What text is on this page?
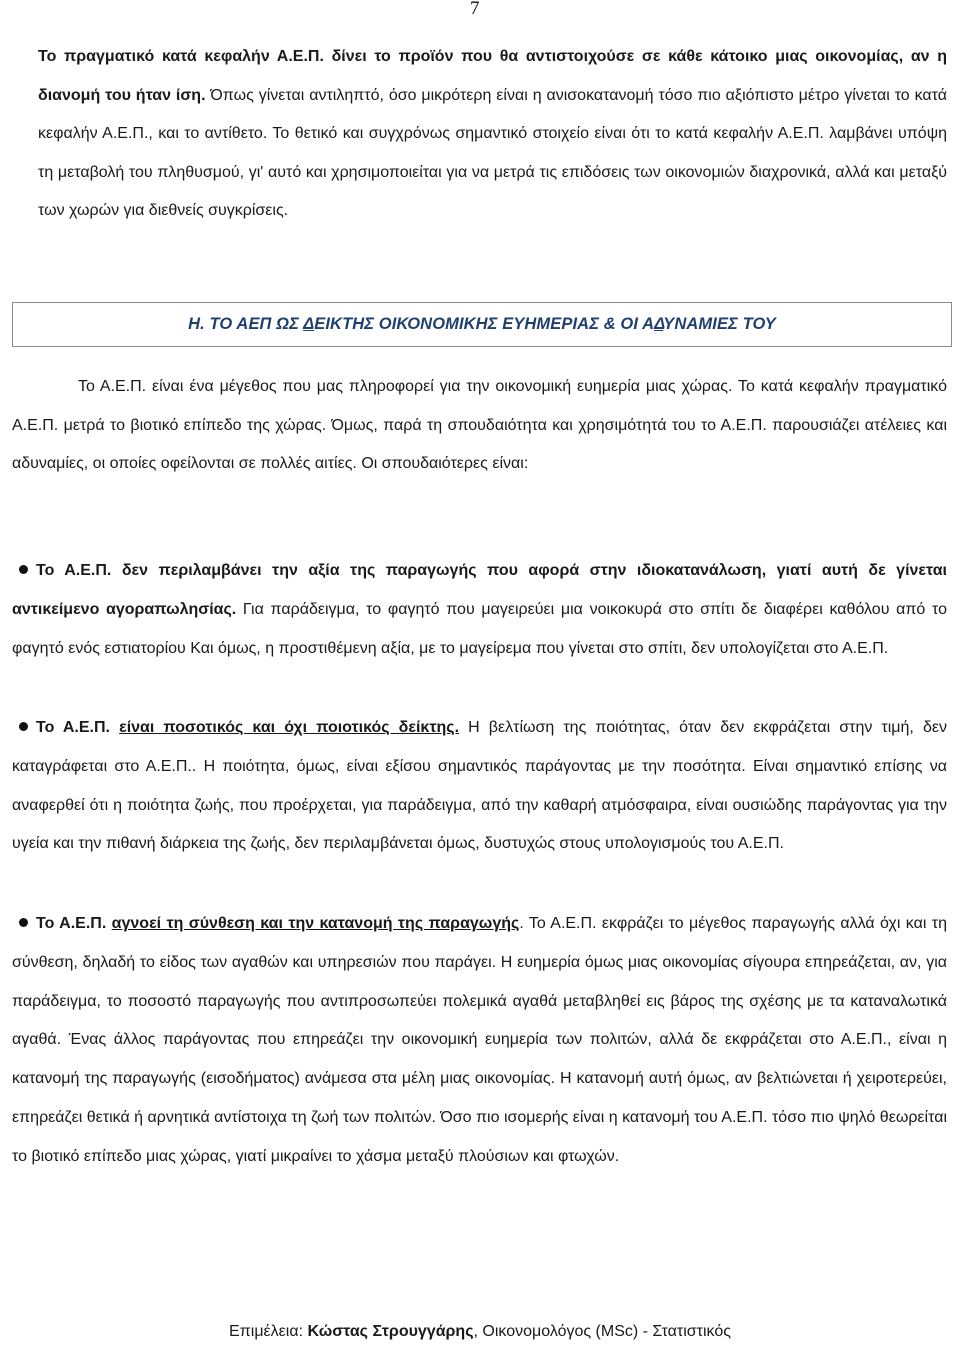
7

Το πραγματικό κατά κεφαλήν Α.Ε.Π. δίνει το προϊόν που θα αντιστοιχούσε σε κάθε κάτοικο μιας οικονομίας, αν η διανομή του ήταν ίση. Όπως γίνεται αντιληπτό, όσο μικρότερη είναι η ανισοκατανομή τόσο πιο αξιόπιστο μέτρο γίνεται το κατά κεφαλήν Α.Ε.Π., και το αντίθετο. Το θετικό και συγχρόνως σημαντικό στοιχείο είναι ότι το κατά κεφαλήν Α.Ε.Π. λαμβάνει υπόψη τη μεταβολή του πληθυσμού, γι' αυτό και χρησιμοποιείται για να μετρά τις επιδόσεις των οικονομιών διαχρονικά, αλλά και μεταξύ των χωρών για διεθνείς συγκρίσεις.

Η. ΤΟ ΑΕΠ ΩΣ ΔΕΙΚΤΗΣ ΟΙΚΟΝΟΜΙΚΗΣ ΕΥΗΜΕΡΙΑΣ & ΟΙ ΑΔΥΝΑΜΙΕΣ ΤΟΥ

Το Α.Ε.Π. είναι ένα μέγεθος που μας πληροφορεί για την οικονομική ευημερία μιας χώρας. Το κατά κεφαλήν πραγματικό Α.Ε.Π. μετρά το βιοτικό επίπεδο της χώρας. Όμως, παρά τη σπουδαιότητα και χρησιμότητά του το Α.Ε.Π. παρουσιάζει ατέλειες και αδυναμίες, οι οποίες οφείλονται σε πολλές αιτίες. Οι σπουδαιότερες είναι:

Το Α.Ε.Π. δεν περιλαμβάνει την αξία της παραγωγής που αφορά στην ιδιοκατανάλωση, γιατί αυτή δε γίνεται αντικείμενο αγοραπωλησίας. Για παράδειγμα, το φαγητό που μαγειρεύει μια νοικοκυρά στο σπίτι δε διαφέρει καθόλου από το φαγητό ενός εστιατορίου Και όμως, η προστιθέμενη αξία, με το μαγείρεμα που γίνεται στο σπίτι, δεν υπολογίζεται στο Α.Ε.Π.

Το Α.Ε.Π. είναι ποσοτικός και όχι ποιοτικός δείκτης. Η βελτίωση της ποιότητας, όταν δεν εκφράζεται στην τιμή, δεν καταγράφεται στο Α.Ε.Π.. Η ποιότητα, όμως, είναι εξίσου σημαντικός παράγοντας με την ποσότητα. Είναι σημαντικό επίσης να αναφερθεί ότι η ποιότητα ζωής, που προέρχεται, για παράδειγμα, από την καθαρή ατμόσφαιρα, είναι ουσιώδης παράγοντας για την υγεία και την πιθανή διάρκεια της ζωής, δεν περιλαμβάνεται όμως, δυστυχώς στους υπολογισμούς του Α.Ε.Π.

Το Α.Ε.Π. αγνοεί τη σύνθεση και την κατανομή της παραγωγής. Το Α.Ε.Π. εκφράζει το μέγεθος παραγωγής αλλά όχι και τη σύνθεση, δηλαδή το είδος των αγαθών και υπηρεσιών που παράγει. Η ευημερία όμως μιας οικονομίας σίγουρα επηρεάζεται, αν, για παράδειγμα, το ποσοστό παραγωγής που αντιπροσωπεύει πολεμικά αγαθά μεταβληθεί εις βάρος της σχέσης με τα καταναλωτικά αγαθά. Ένας άλλος παράγοντας που επηρεάζει την οικονομική ευημερία των πολιτών, αλλά δε εκφράζεται στο Α.Ε.Π., είναι η κατανομή της παραγωγής (εισοδήματος) ανάμεσα στα μέλη μιας οικονομίας. Η κατανομή αυτή όμως, αν βελτιώνεται ή χειροτερεύει, επηρεάζει θετικά ή αρνητικά αντίστοιχα τη ζωή των πολιτών. Όσο πιο ισομερής είναι η κατανομή του Α.Ε.Π. τόσο πιο ψηλό θεωρείται το βιοτικό επίπεδο μιας χώρας, γιατί μικραίνει το χάσμα μεταξύ πλούσιων και φτωχών.

Επιμέλεια: Κώστας Στρουγγάρης, Οικονομολόγος (MSc) - Στατιστικός
